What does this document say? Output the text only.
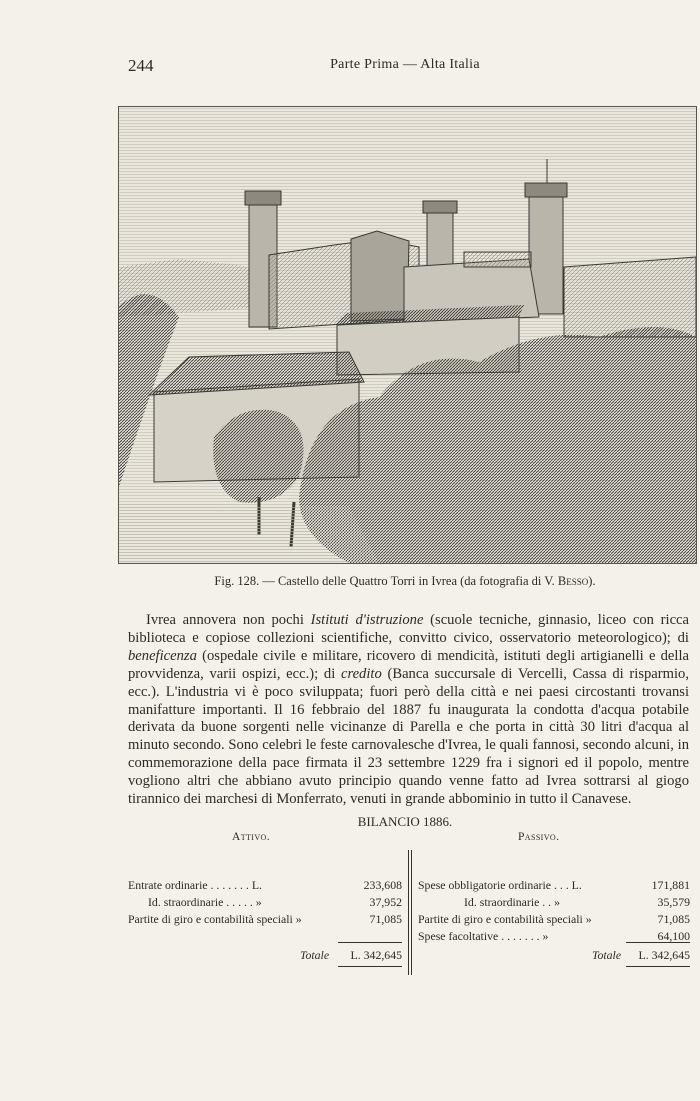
244	Parte Prima — Alta Italia
Fig. 128. — Castello delle Quattro Torri in Ivrea (da fotografia di V. Besso).

Ivrea annovera non pochi Istituti d'istruzione (scuole tecniche, ginnasio, liceo con ricca biblioteca e copiose collezioni scientifiche, convitto civico, osservatorio meteorologico); di beneficenza (ospedale civile e militare, ricovero di mendicità, istituti degli artigianelli e della provvidenza, varii ospizi, ecc.); di credito (Banca succursale di Vercelli, Cassa di risparmio, ecc.). L'industria vi è poco sviluppata; fuori però della città e nei paesi circostanti trovansi manifatture importanti. Il 16 febbraio del 1887 fu inaugurata la condotta d'acqua potabile derivata da buone sorgenti nelle vicinanze di Parella e che porta in città 30 litri d'acqua al minuto secondo. Sono celebri le feste carnovalesche d'Ivrea, le quali fannosi, secondo alcuni, in commemorazione della pace firmata il 23 settembre 1229 fra i signori ed il popolo, mentre vogliono altri che abbiano avuto principio quando venne fatto ad Ivrea sottrarsi al giogo tirannico dei marchesi di Monferrato, venuti in grande abbominio in tutto il Canavese.

BILANCIO 1886.
Attivo.	Passivo.
Entrate ordinarie . . . . . . . L.	233,608
Id. straordinarie . . . . . »	37,952
Partite di giro e contabilità speciali »	71,085
Totale L. 342,645
Spese obbligatorie ordinarie . . . L.	171,881
Id. straordinarie . . »	35,579
Partite di giro e contabilità speciali »	71,085
Spese facoltative . . . . . . . »	64,100
Totale L. 342,645
